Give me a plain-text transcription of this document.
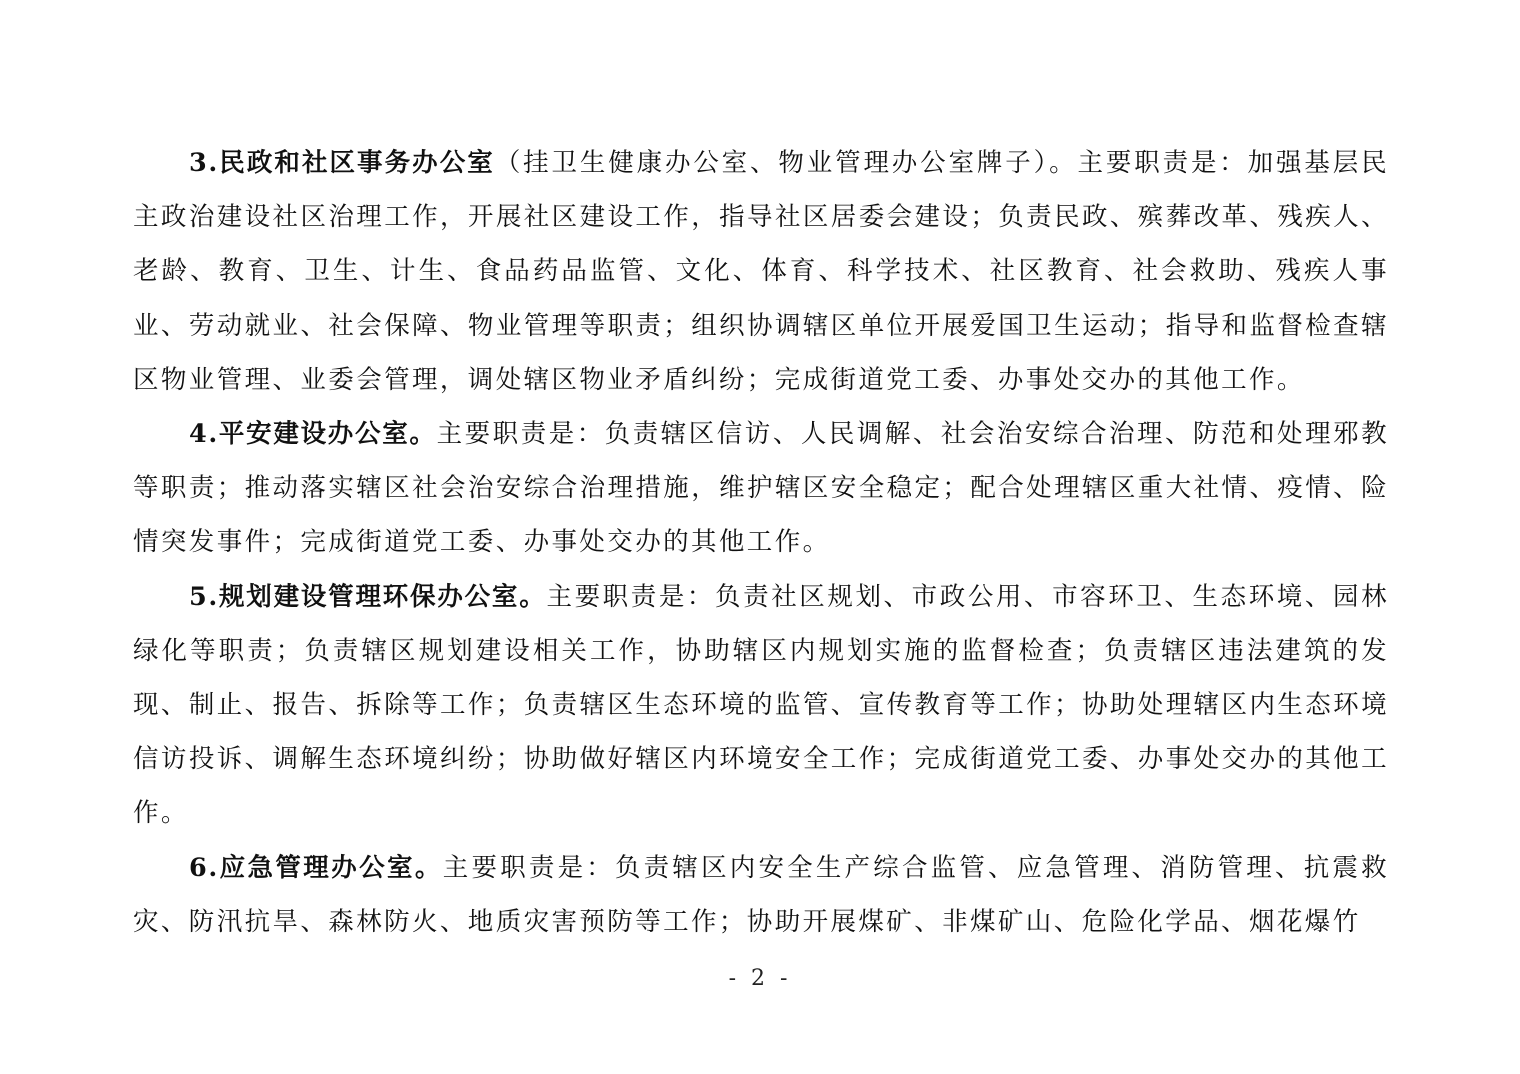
3.民政和社区事务办公室（挂卫生健康办公室、物业管理办公室牌子）。主要职责是：加强基层民主政治建设社区治理工作，开展社区建设工作，指导社区居委会建设；负责民政、殡葬改革、残疾人、老龄、教育、卫生、计生、食品药品监管、文化、体育、科学技术、社区教育、社会救助、残疾人事业、劳动就业、社会保障、物业管理等职责；组织协调辖区单位开展爱国卫生运动；指导和监督检查辖区物业管理、业委会管理，调处辖区物业矛盾纠纷；完成街道党工委、办事处交办的其他工作。

4.平安建设办公室。主要职责是：负责辖区信访、人民调解、社会治安综合治理、防范和处理邪教等职责；推动落实辖区社会治安综合治理措施，维护辖区安全稳定；配合处理辖区重大社情、疫情、险情突发事件；完成街道党工委、办事处交办的其他工作。

5.规划建设管理环保办公室。主要职责是：负责社区规划、市政公用、市容环卫、生态环境、园林绿化等职责；负责辖区规划建设相关工作，协助辖区内规划实施的监督检查；负责辖区违法建筑的发现、制止、报告、拆除等工作；负责辖区生态环境的监管、宣传教育等工作；协助处理辖区内生态环境信访投诉、调解生态环境纠纷；协助做好辖区内环境安全工作；完成街道党工委、办事处交办的其他工作。

6.应急管理办公室。主要职责是：负责辖区内安全生产综合监管、应急管理、消防管理、抗震救灾、防汛抗旱、森林防火、地质灾害预防等工作；协助开展煤矿、非煤矿山、危险化学品、烟花爆竹

- 2 -
